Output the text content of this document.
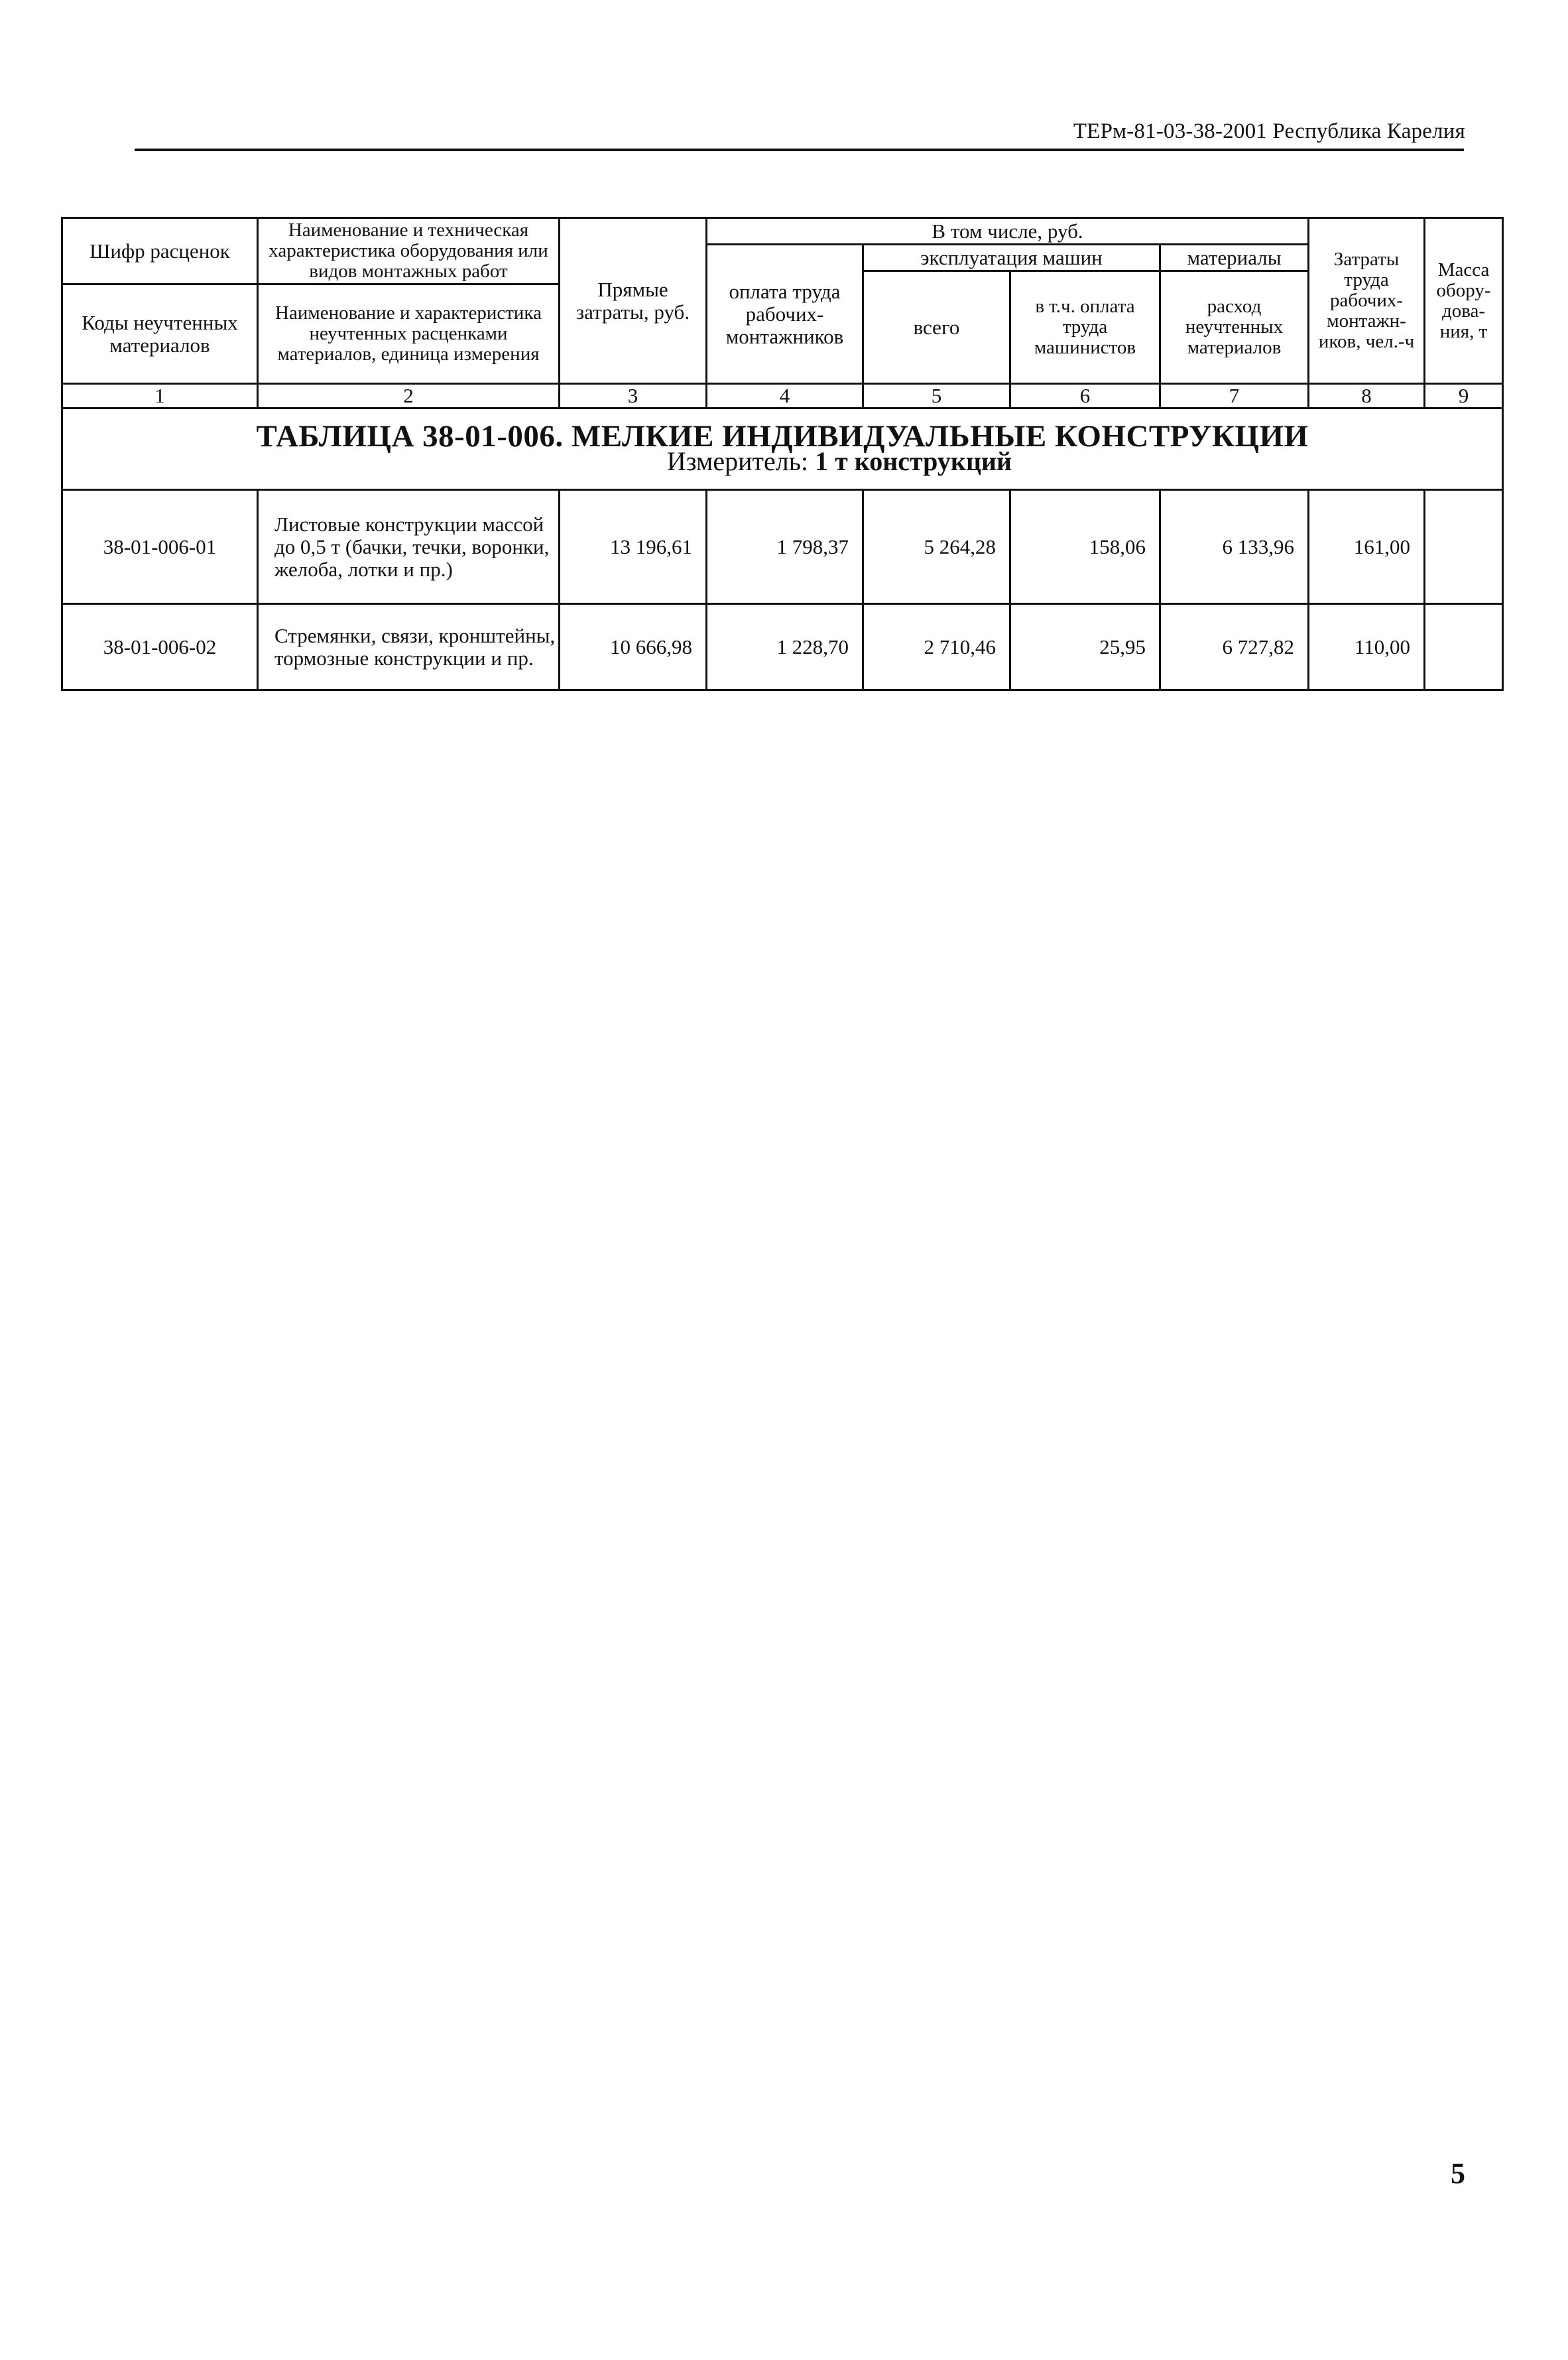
ТЕРм-81-03-38-2001 Республика Карелия
Шифр расценок	Наименование и техническая характеристика оборудования или видов монтажных работ	Прямые затраты, руб.	В том числе, руб.				Затраты труда рабочих-монтажн-иков, чел.-ч	Масса обору-дова-ния, т
			оплата труда рабочих-монтажников	эксплуатация машин		материалы		
				всего	в т.ч. оплата труда машинистов	расход неучтенных материалов		
Коды неучтенных материалов	Наименование и характеристика неучтенных расценками материалов, единица измерения							

1	2	3	4	5	6	7	8	9

ТАБЛИЦА 38-01-006. МЕЛКИЕ ИНДИВИДУАЛЬНЫЕ КОНСТРУКЦИИ
Измеритель: 1 т конструкций								

38-01-006-01	Листовые конструкции массой до 0,5 т (бачки, течки, воронки, желоба, лотки и пр.)	13 196,61	1 798,37	5 264,28	158,06	6 133,96	161,00	
38-01-006-02	Стремянки, связи, кронштейны, тормозные конструкции и пр.	10 666,98	1 228,70	2 710,46	25,95	6 727,82	110,00	
5
